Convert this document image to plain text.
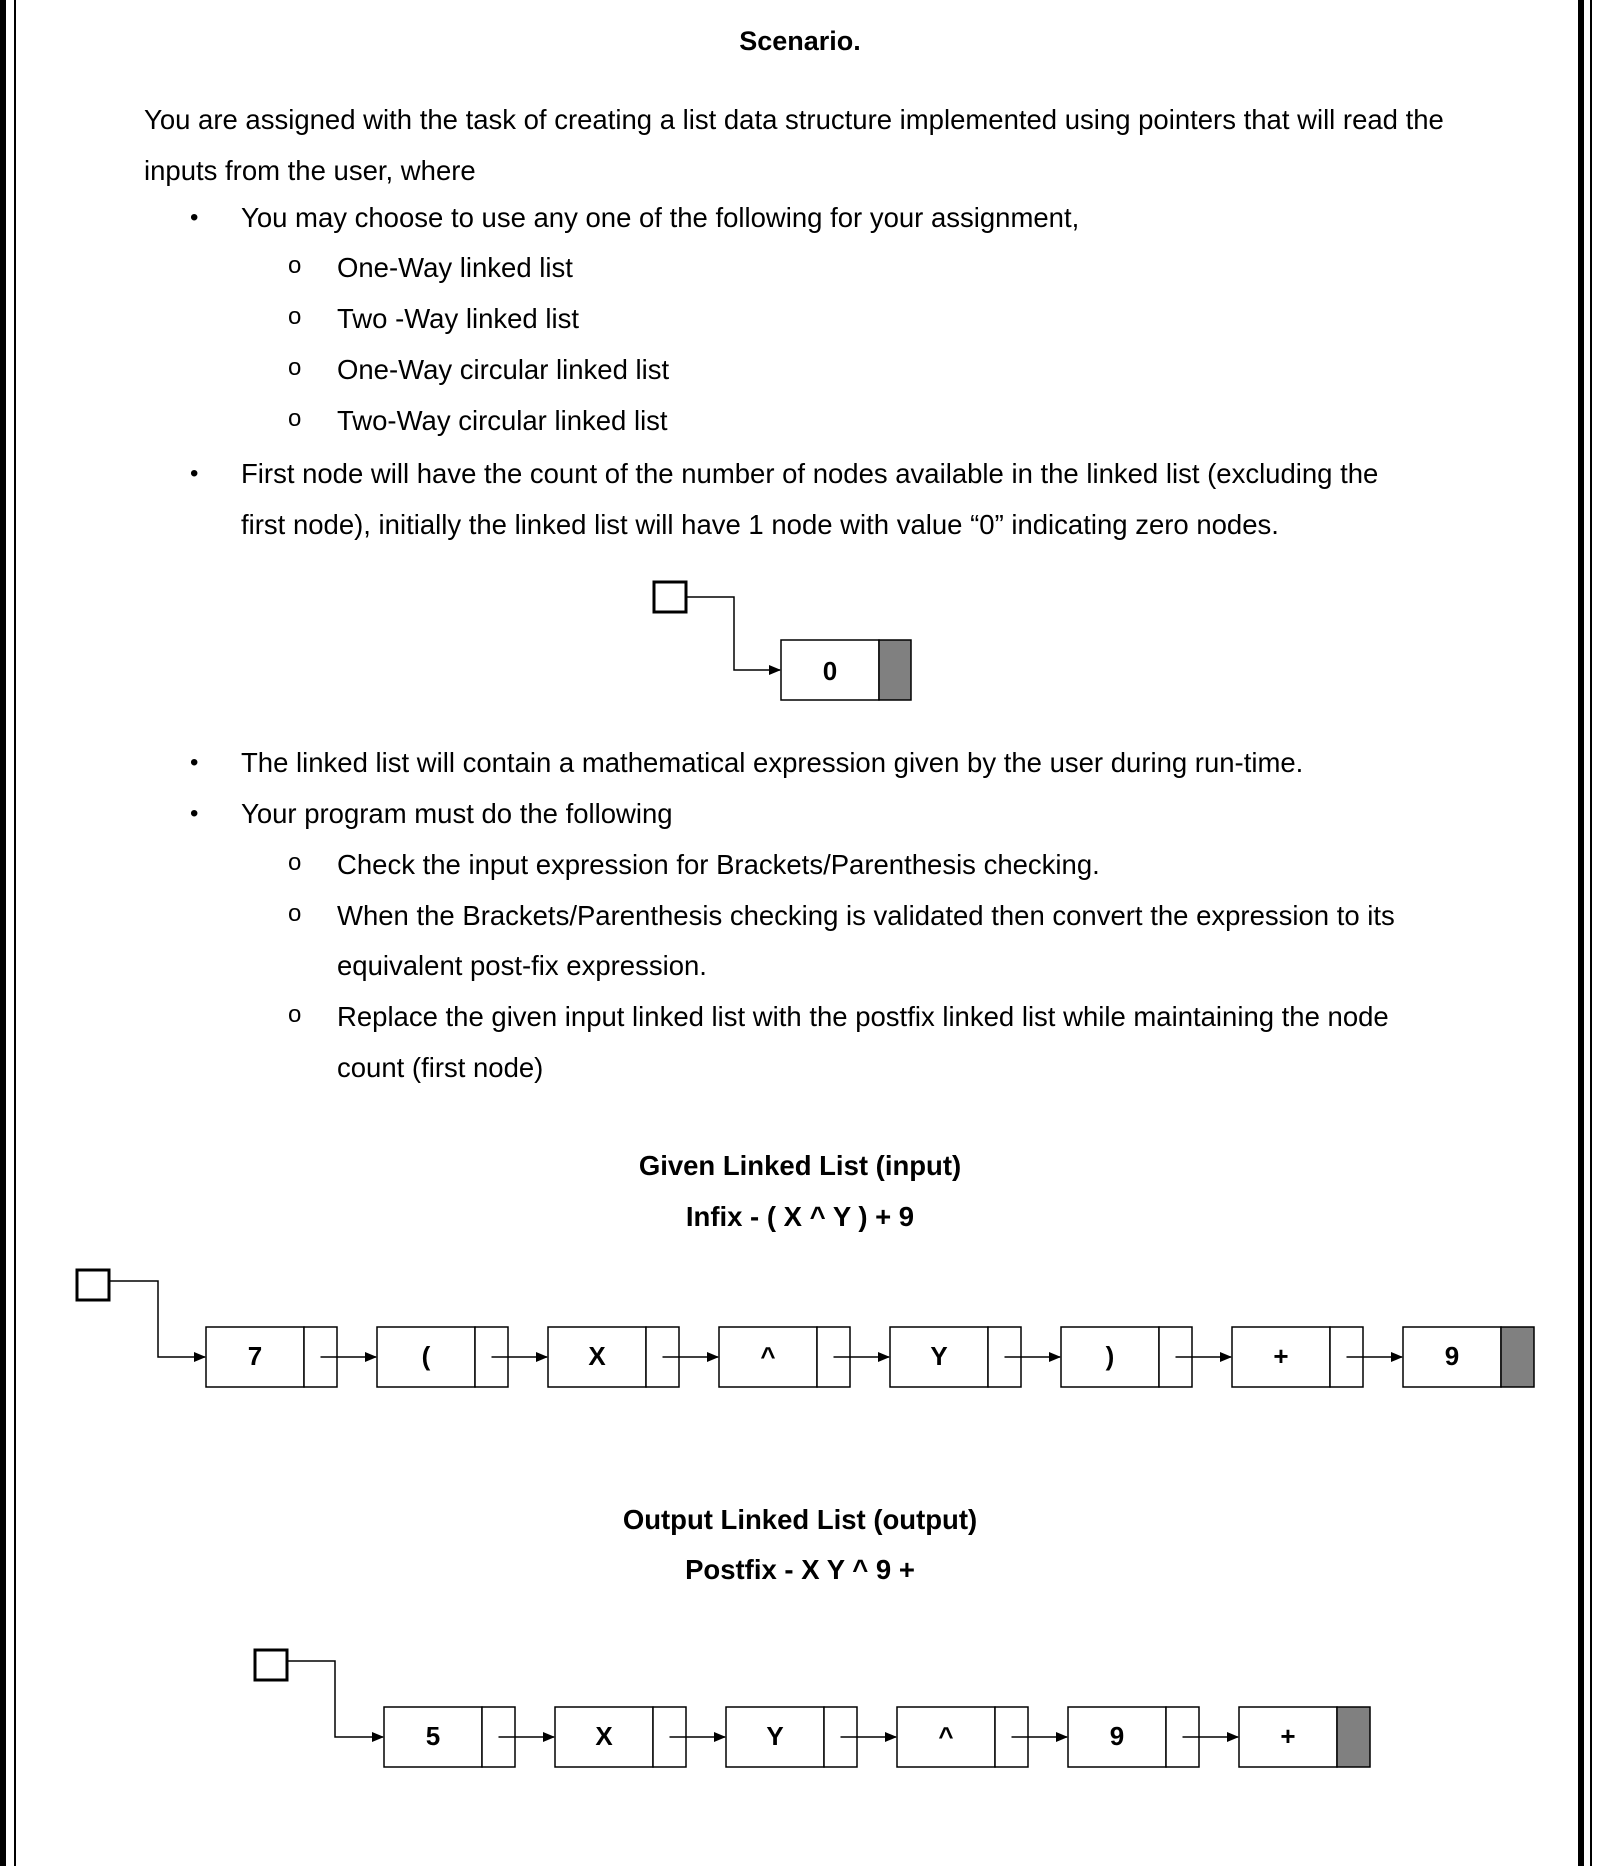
Scenario.
You are assigned with the task of creating a list data structure implemented using pointers that will read the inputs from the user, where
• You may choose to use any one of the following for your assignment,
o One-Way linked list
o Two -Way linked list
o One-Way circular linked list
o Two-Way circular linked list
• First node will have the count of the number of nodes available in the linked list (excluding the
first node), initially the linked list will have 1 node with value “0” indicating zero nodes.
0
• The linked list will contain a mathematical expression given by the user during run-time.
• Your program must do the following
o Check the input expression for Brackets/Parenthesis checking.
o When the Brackets/Parenthesis checking is validated then convert the expression to its
equivalent post-fix expression.
o Replace the given input linked list with the postfix linked list while maintaining the node
count (first node)
Given Linked List (input)
Infix - ( X ^ Y ) + 9
7	(	X	^	Y	)	+	9
Output Linked List (output)
Postfix - X Y ^ 9 +
5	X	Y	^	9	+
